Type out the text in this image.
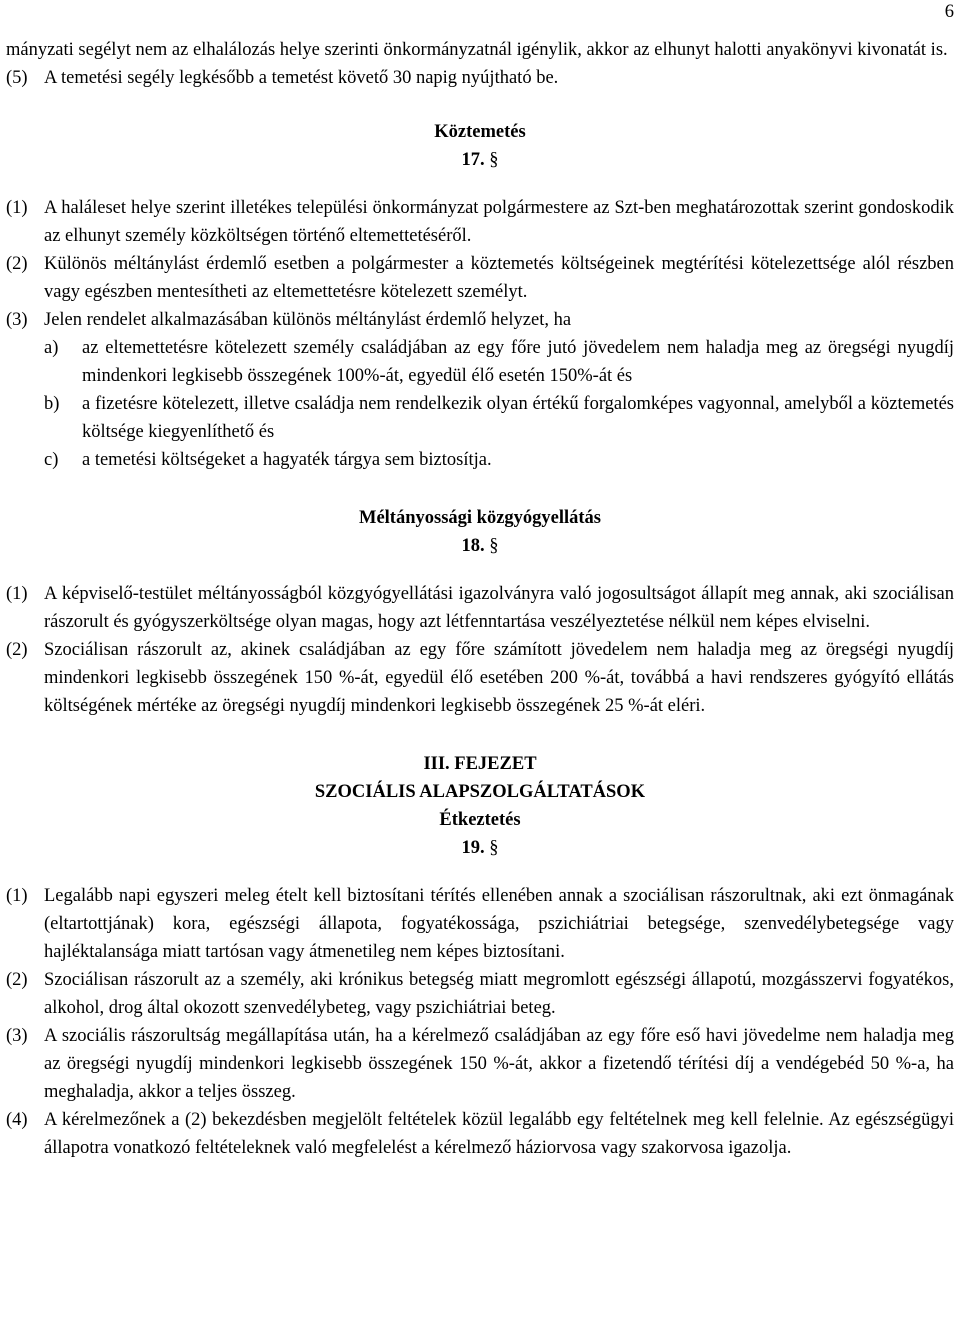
6

mányzati segélyt nem az elhalálozás helye szerinti önkormányzatnál igénylik, akkor az elhunyt halotti anyakönyvi kivonatát is.

(5) A temetési segély legkésőbb a temetést követő 30 napig nyújtható be.

Köztemetés

17. §

(1) A haláleset helye szerint illetékes települési önkormányzat polgármestere az Szt-ben meghatározottak szerint gondoskodik az elhunyt személy közköltségen történő eltemettetéséről.
(2) Különös méltánylást érdemlő esetben a polgármester a köztemetés költségeinek megtérítési kötelezettsége alól részben vagy egészben mentesítheti az eltemettetésre kötelezett személyt.
(3) Jelen rendelet alkalmazásában különös méltánylást érdemlő helyzet, ha
a)	az eltemettetésre kötelezett személy családjában az egy főre jutó jövedelem nem haladja meg az öregségi nyugdíj mindenkori legkisebb összegének 100%-át, egyedül élő esetén 150%-át és
b)	a fizetésre kötelezett, illetve családja nem rendelkezik olyan értékű forgalomképes vagyonnal, amelyből a köztemetés költsége kiegyenlíthető és
c)	a temetési költségeket a hagyaték tárgya sem biztosítja.

Méltányossági közgyógyellátás

18. §

(1) A képviselő-testület méltányosságból közgyógyellátási igazolványra való jogosultságot állapít meg annak, aki szociálisan rászorult és gyógyszerköltsége olyan magas, hogy azt létfenntartása veszélyeztetése nélkül nem képes elviselni.
(2) Szociálisan rászorult az, akinek családjában az egy főre számított jövedelem nem haladja meg az öregségi nyugdíj mindenkori legkisebb összegének 150 %-át, egyedül élő esetében 200 %-át, továbbá a havi rendszeres gyógyító ellátás költségének mértéke az öregségi nyugdíj mindenkori legkisebb összegének 25 %-át eléri.

III. FEJEZET

SZOCIÁLIS ALAPSZOLGÁLTATÁSOK

Étkeztetés

19. §

(1) Legalább napi egyszeri meleg ételt kell biztosítani térítés ellenében annak a szociálisan rászorultnak, aki ezt önmagának (eltartottjának) kora, egészségi állapota, fogyatékossága, pszichiátriai betegsége, szenvedélybetegsége vagy hajléktalansága miatt tartósan vagy átmenetileg nem képes biztosítani.
(2) Szociálisan rászorult az a személy, aki krónikus betegség miatt megromlott egészségi állapotú, mozgásszervi fogyatékos, alkohol, drog által okozott szenvedélybeteg, vagy pszichiátriai beteg.
(3) A szociális rászorultság megállapítása után, ha a kérelmező családjában az egy főre eső havi jövedelme nem haladja meg az öregségi nyugdíj mindenkori legkisebb összegének 150 %-át, akkor a fizetendő térítési díj a vendégebéd 50 %-a, ha meghaladja, akkor a teljes összeg.
(4) A kérelmezőnek a (2) bekezdésben megjelölt feltételek közül legalább egy feltételnek meg kell felelnie. Az egészségügyi állapotra vonatkozó feltételeknek való megfelelést a kérelmező háziorvosa vagy szakorvosa igazolja.
